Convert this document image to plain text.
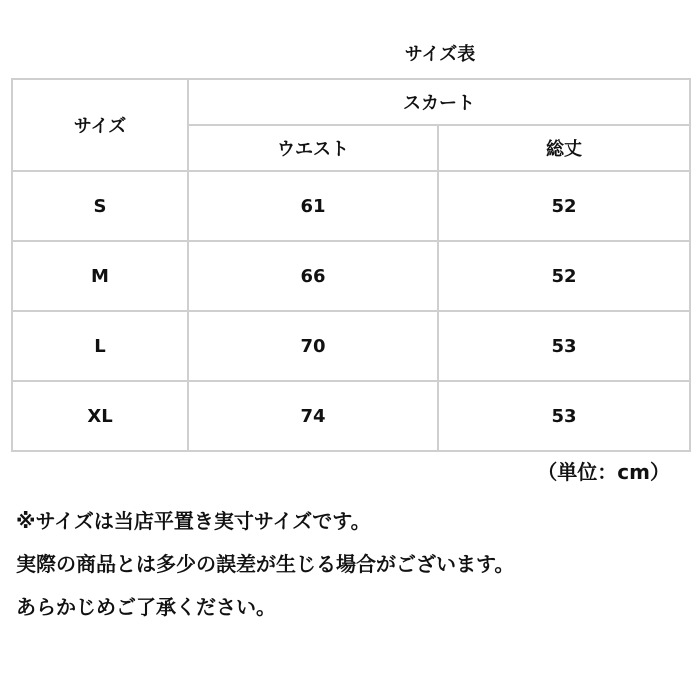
サイズ表
サイズ	スカート	
	ウエスト	総丈
S	61	52
M	66	52
L	70	53
XL	74	53
（単位：cm）
※サイズは当店平置き実寸サイズです。
実際の商品とは多少の誤差が生じる場合がございます。
あらかじめご了承ください。
